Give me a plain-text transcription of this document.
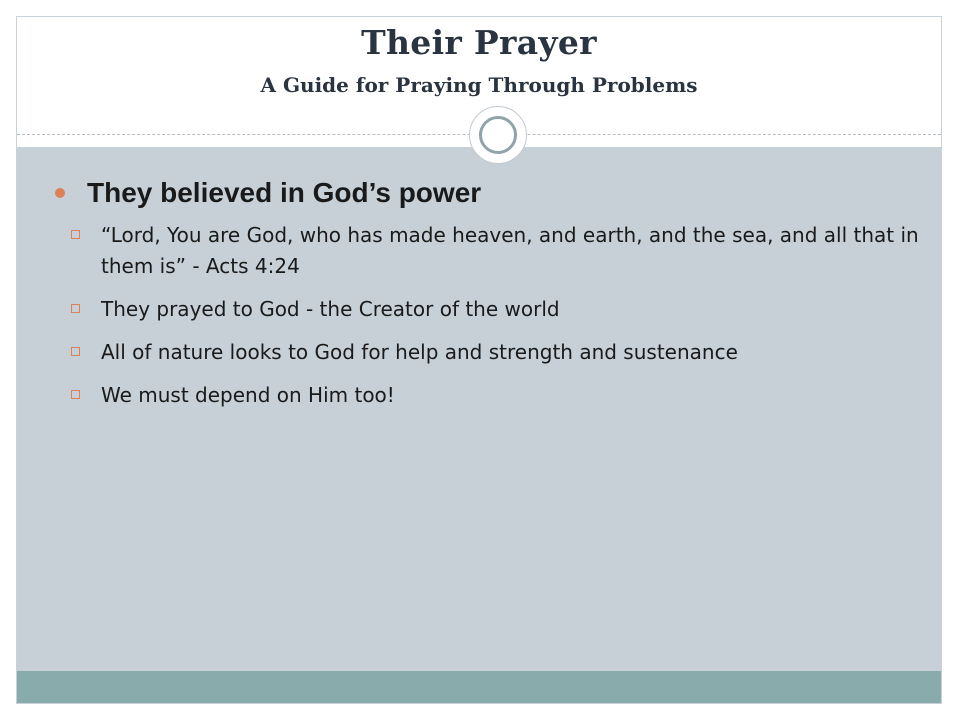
Their Prayer
A Guide for Praying Through Problems
They believed in God’s power
“Lord, You are God, who has made heaven, and earth, and the sea, and all that in them is” - Acts 4:24
They prayed to God - the Creator of the world
All of nature looks to God for help and strength and sustenance
We must depend on Him too!
